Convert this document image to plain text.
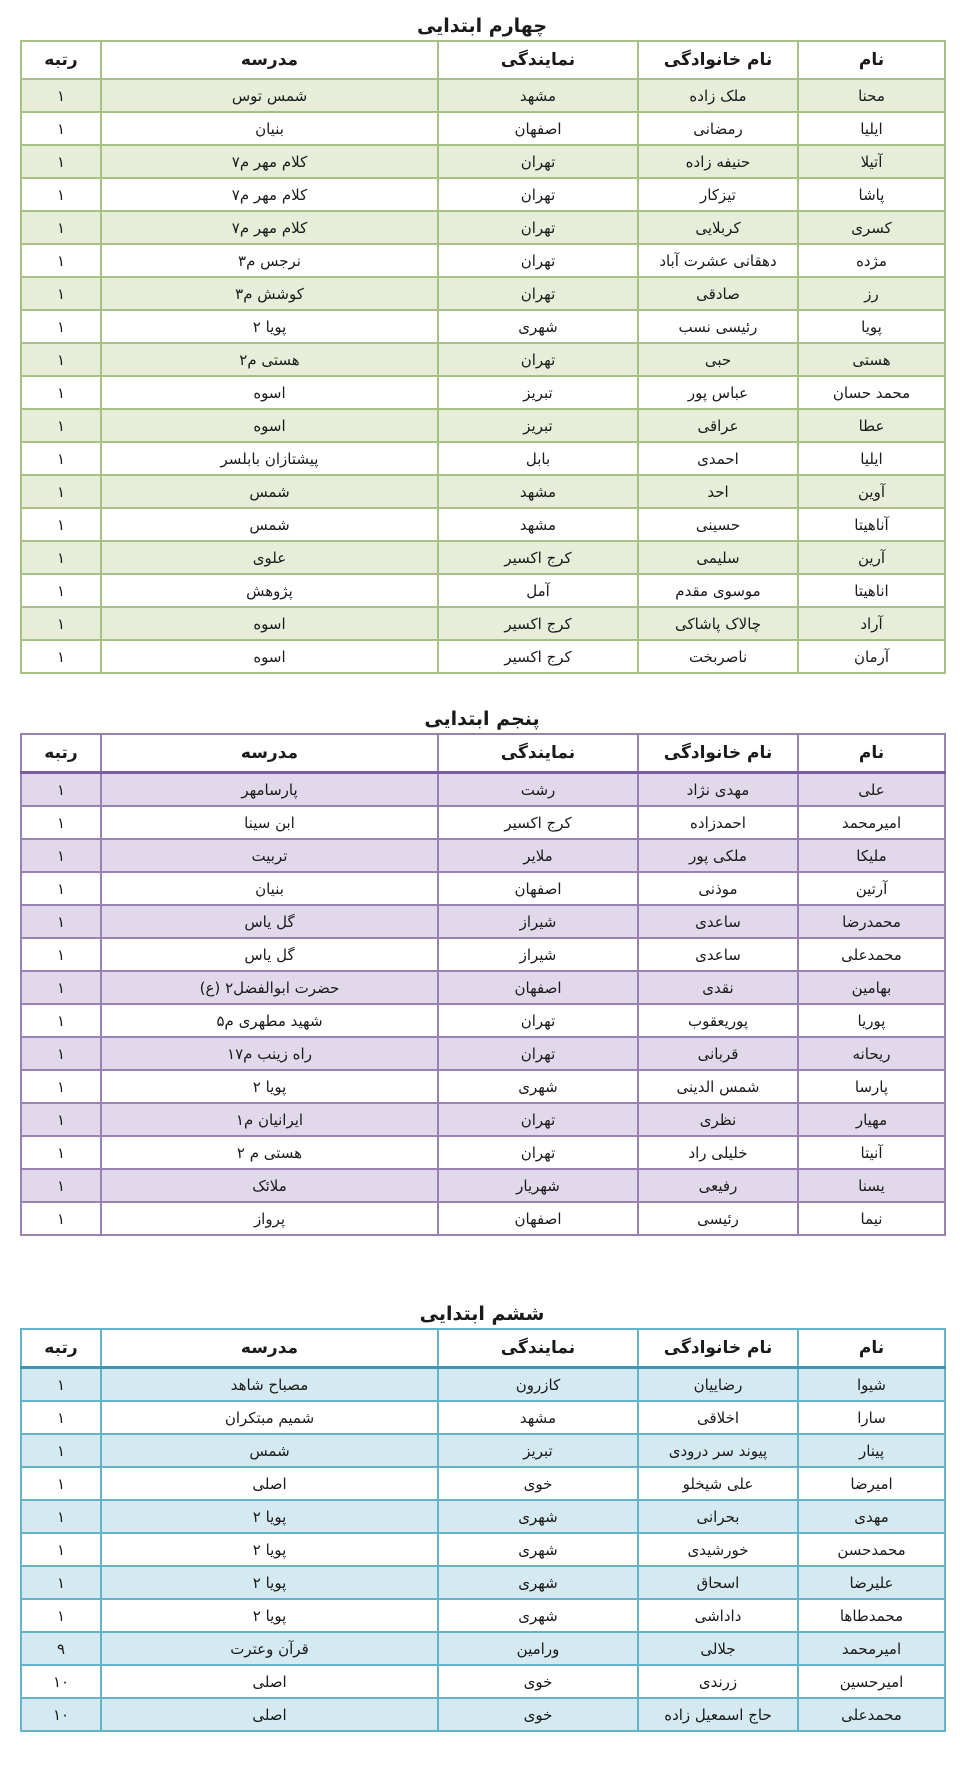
چهارم ابتدایی
نام	نام خانوادگی	نمایندگی	مدرسه	رتبه
محنا	ملک زاده	مشهد	شمس توس	۱
ایلیا	رمضانی	اصفهان	بنیان	۱
آتیلا	حنیفه زاده	تهران	کلام مهر م۷	۱
پاشا	تیزکار	تهران	کلام مهر م۷	۱
کسری	کربلایی	تهران	کلام مهر م۷	۱
مژده	دهقانی عشرت آباد	تهران	نرجس م۳	۱
رز	صادقی	تهران	کوشش م۳	۱
پویا	رئیسی نسب	شهری	پویا ۲	۱
هستی	حبی	تهران	هستی م۲	۱
محمد حسان	عباس پور	تبریز	اسوه	۱
عطا	عراقی	تبریز	اسوه	۱
ایلیا	احمدی	بابل	پیشتازان بابلسر	۱
آوین	احد	مشهد	شمس	۱
آناهیتا	حسینی	مشهد	شمس	۱
آرین	سلیمی	کرج اکسیر	علوی	۱
اناهیتا	موسوی مقدم	آمل	پژوهش	۱
آراد	چالاک پاشاکی	کرج اکسیر	اسوه	۱
آرمان	ناصربخت	کرج اکسیر	اسوه	۱
پنجم ابتدایی
نام	نام خانوادگی	نمایندگی	مدرسه	رتبه
علی	مهدی نژاد	رشت	پارسامهر	۱
امیرمحمد	احمدزاده	کرج اکسیر	ابن سینا	۱
ملیکا	ملکی پور	ملایر	تربیت	۱
آرتین	موذنی	اصفهان	بنیان	۱
محمدرضا	ساعدی	شیراز	گل یاس	۱
محمدعلی	ساعدی	شیراز	گل یاس	۱
بهامین	نقدی	اصفهان	حضرت ابوالفضل۲ (ع)	۱
پوریا	پوریعقوب	تهران	شهید مطهری م۵	۱
ریحانه	قربانی	تهران	راه زینب م۱۷	۱
پارسا	شمس الدینی	شهری	پویا ۲	۱
مهیار	نظری	تهران	ایرانیان م۱	۱
آنیتا	خلیلی راد	تهران	هستی م ۲	۱
یسنا	رفیعی	شهریار	ملائک	۱
نیما	رئیسی	اصفهان	پرواز	۱
ششم ابتدایی
نام	نام خانوادگی	نمایندگی	مدرسه	رتبه
شیوا	رضاییان	کازرون	مصباح شاهد	۱
سارا	اخلاقی	مشهد	شمیم مبتکران	۱
پینار	پیوند سر درودی	تبریز	شمس	۱
امیرضا	علی شیخلو	خوی	اصلی	۱
مهدی	بحرانی	شهری	پویا ۲	۱
محمدحسن	خورشیدی	شهری	پویا ۲	۱
علیرضا	اسحاق	شهری	پویا ۲	۱
محمدطاها	داداشی	شهری	پویا ۲	۱
امیرمحمد	جلالی	ورامین	قرآن وعترت	۹
امیرحسین	زرندی	خوی	اصلی	۱۰
محمدعلی	حاج اسمعیل زاده	خوی	اصلی	۱۰
